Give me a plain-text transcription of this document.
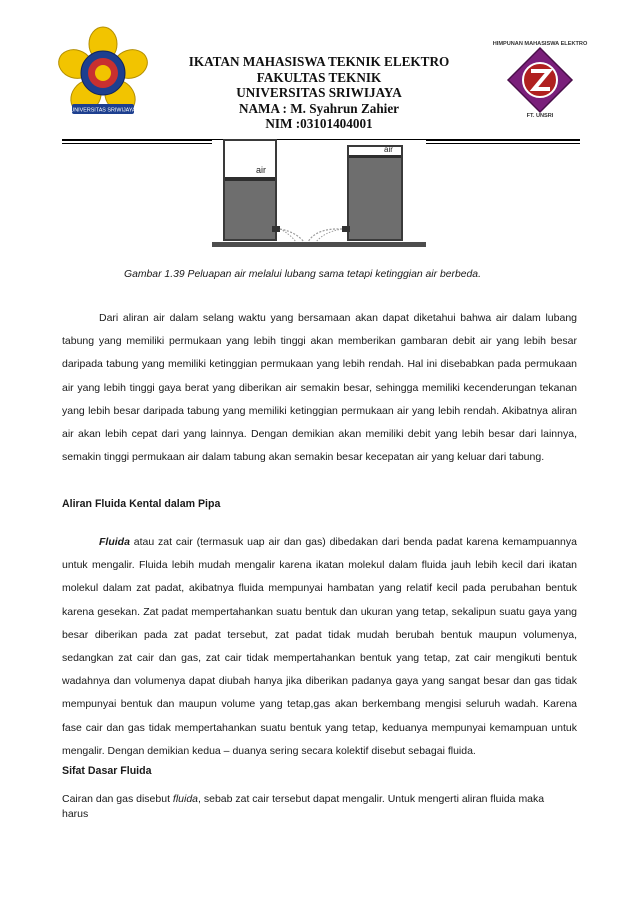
UNIVERSITAS SRIWIJAYA
IKATAN MAHASISWA TEKNIK ELEKTRO
FAKULTAS TEKNIK
UNIVERSITAS SRIWIJAYA
NAMA : M. Syahrun Zahier
NIM :03101404001
HIMPUNAN MAHASISWA ELEKTRO
FT. UNSRI
air
air
Gambar 1.39 Peluapan air melalui lubang sama tetapi ketinggian air berbeda.

Dari aliran air dalam selang waktu yang bersamaan akan dapat diketahui bahwa air dalam lubang tabung yang memiliki permukaan yang lebih tinggi akan memberikan gambaran debit air yang lebih besar daripada tabung yang memiliki ketinggian permukaan yang lebih rendah. Hal ini disebabkan pada permukaan air yang lebih tinggi gaya berat yang diberikan air semakin besar, sehingga memiliki kecenderungan tekanan yang lebih besar daripada tabung yang memiliki ketinggian permukaan air yang lebih rendah. Akibatnya aliran air akan lebih cepat dari yang lainnya. Dengan demikian akan memiliki debit yang lebih besar dari lainnya, semakin tinggi permukaan air dalam tabung akan semakin besar kecepatan air yang keluar dari tabung.

Aliran Fluida Kental dalam Pipa

Fluida atau zat cair (termasuk uap air dan gas) dibedakan dari benda padat karena kemampuannya untuk mengalir. Fluida lebih mudah mengalir karena ikatan molekul dalam fluida jauh lebih kecil dari ikatan molekul dalam zat padat, akibatnya fluida mempunyai hambatan yang relatif kecil pada perubahan bentuk karena gesekan. Zat padat mempertahankan suatu bentuk dan ukuran yang tetap, sekalipun suatu gaya yang besar diberikan pada zat padat tersebut, zat padat tidak mudah berubah bentuk maupun volumenya, sedangkan zat cair dan gas, zat cair tidak mempertahankan bentuk yang tetap, zat cair mengikuti bentuk wadahnya dan volumenya dapat diubah hanya jika diberikan padanya gaya yang sangat besar dan gas tidak mempunyai bentuk dan maupun volume yang tetap,gas akan berkembang mengisi seluruh wadah. Karena fase cair dan gas tidak mempertahankan suatu bentuk yang tetap, keduanya mempunyai kemampuan untuk mengalir. Dengan demikian kedua – duanya sering secara kolektif disebut sebagai fluida.

Sifat Dasar Fluida

Cairan dan gas disebut fluida, sebab zat cair tersebut dapat mengalir. Untuk mengerti aliran fluida maka harus
